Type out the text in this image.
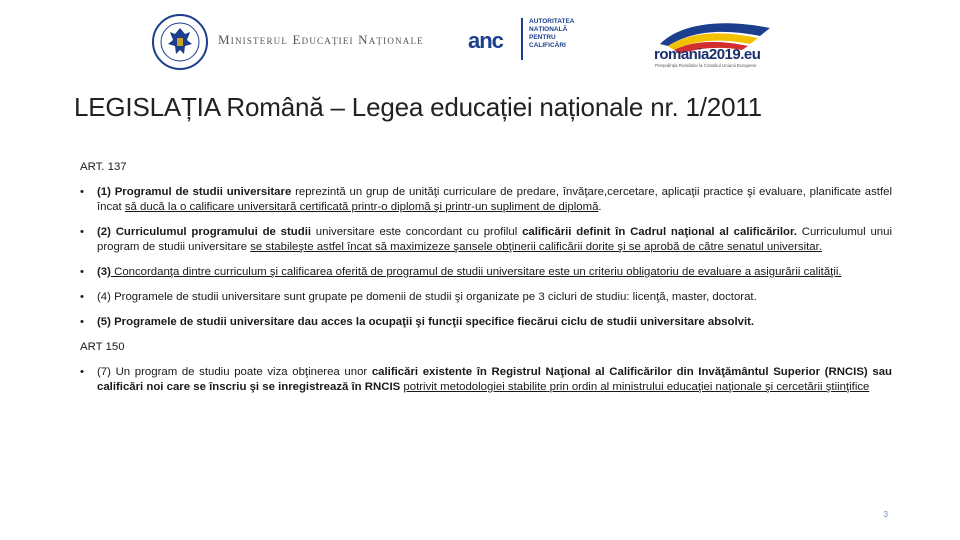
Ministerul Educației Naționale anc
AUTORITATEA
NAȚIONALĂ
PENTRU
CALIFICĂRI
romania2019.eu
Președinția României la Consiliul Uniunii Europene
LEGISLAȚIA Română – Legea educației naționale nr. 1/2011
ART. 137
• (1) Programul de studii universitare reprezintă un grup de unităţi curriculare de predare, învăţare,cercetare, aplicaţii practice şi evaluare, planificate astfel încat să ducă la o calificare universitară certificată printr-o diplomă şi printr-un supliment de diplomă.
• (2) Curriculumul programului de studii universitare este concordant cu profilul calificării definit în Cadrul naţional al calificărilor. Curriculumul unui program de studii universitare se stabileşte astfel încat să maximizeze şansele obţinerii calificării dorite şi se aprobă de către senatul universitar.
• (3) Concordanţa dintre curriculum şi calificarea oferită de programul de studii universitare este un criteriu obligatoriu de evaluare a asigurării calităţii.
• (4) Programele de studii universitare sunt grupate pe domenii de studii şi organizate pe 3 cicluri de studiu: licenţă, master, doctorat.
• (5) Programele de studii universitare dau acces la ocupaţii şi funcţii specifice fiecărui ciclu de studii universitare absolvit.
ART 150
• (7) Un program de studiu poate viza obţinerea unor calificări existente în Registrul Naţional al Calificărilor din Invăţământul Superior (RNCIS) sau calificări noi care se înscriu şi se inregistrează în RNCIS potrivit metodologiei stabilite prin ordin al ministrului educaţiei naţionale şi cercetării ştiinţifice
3
